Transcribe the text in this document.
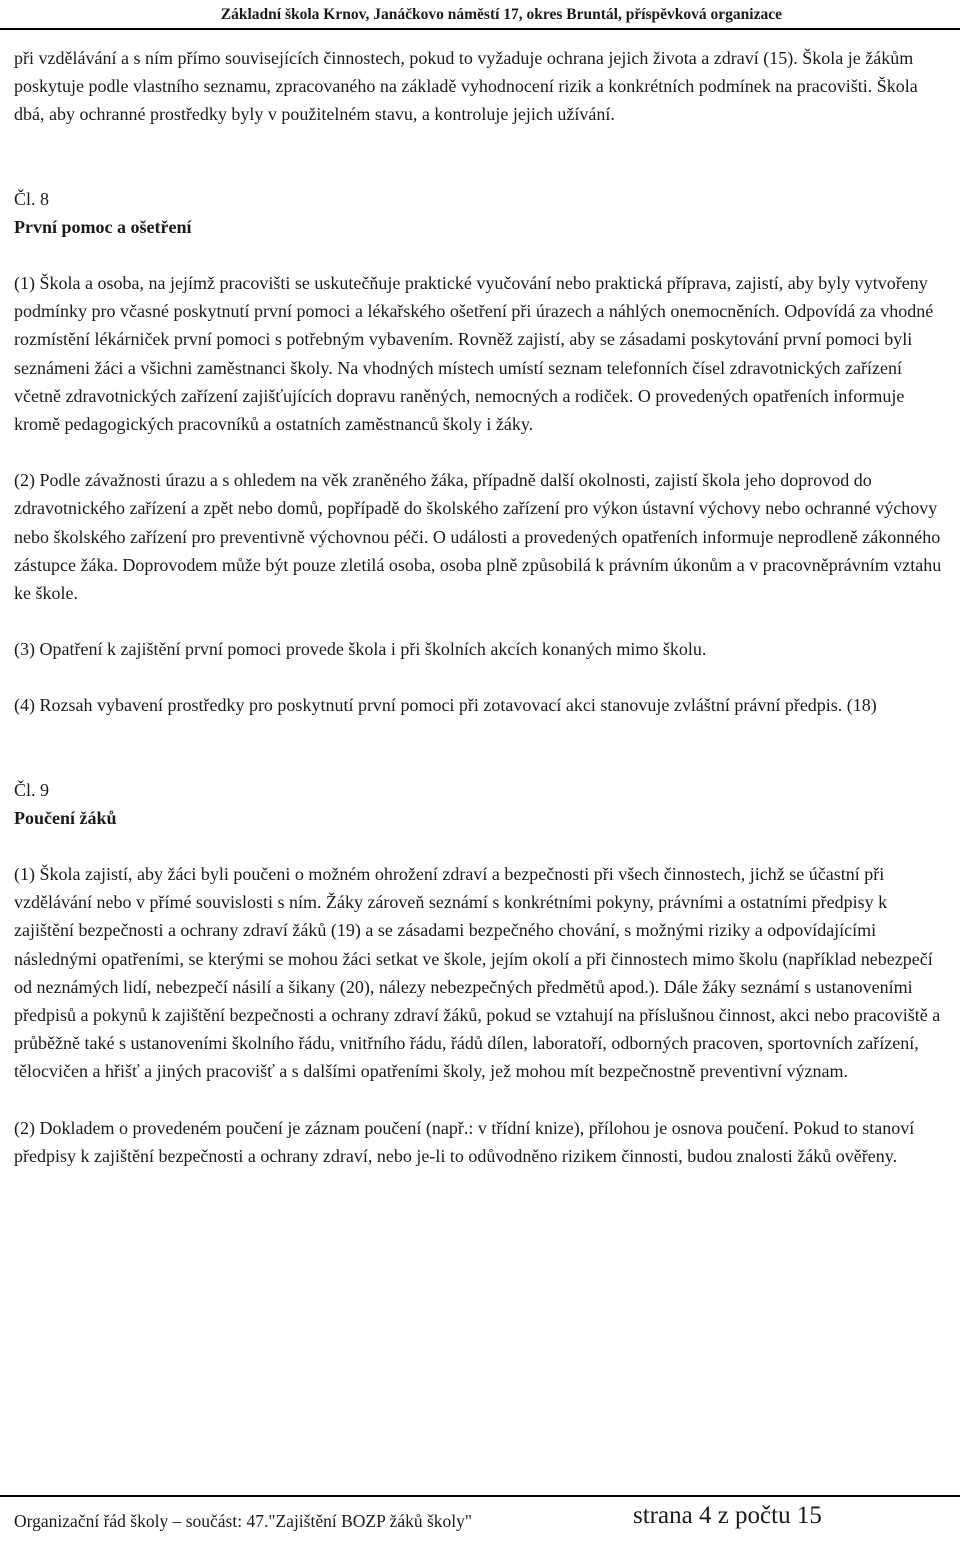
Základní škola Krnov, Janáčkovo náměstí 17, okres Bruntál, příspěvková organizace

při vzdělávání a s ním přímo souvisejících činnostech, pokud to vyžaduje ochrana jejich života a zdraví (15). Škola je žákům poskytuje podle vlastního seznamu, zpracovaného na základě vyhodnocení rizik a konkrétních podmínek na pracovišti. Škola dbá, aby ochranné prostředky byly v použitelném stavu, a kontroluje jejich užívání.

Čl. 8

První pomoc a ošetření

(1) Škola a osoba, na jejímž pracovišti se uskutečňuje praktické vyučování nebo praktická příprava, zajistí, aby byly vytvořeny podmínky pro včasné poskytnutí první pomoci a lékařského ošetření při úrazech a náhlých onemocněních. Odpovídá za vhodné rozmístění lékárniček první pomoci s potřebným vybavením. Rovněž zajistí, aby se zásadami poskytování první pomoci byli seznámeni žáci a všichni zaměstnanci školy. Na vhodných místech umístí seznam telefonních čísel zdravotnických zařízení včetně zdravotnických zařízení zajišťujících dopravu raněných, nemocných a rodiček. O provedených opatřeních informuje kromě pedagogických pracovníků a ostatních zaměstnanců školy i žáky.

(2) Podle závažnosti úrazu a s ohledem na věk zraněného žáka, případně další okolnosti, zajistí škola jeho doprovod do zdravotnického zařízení a zpět nebo domů, popřípadě do školského zařízení pro výkon ústavní výchovy nebo ochranné výchovy nebo školského zařízení pro preventivně výchovnou péči. O události a provedených opatřeních informuje neprodleně zákonného zástupce žáka. Doprovodem může být pouze zletilá osoba, osoba plně způsobilá k právním úkonům a v pracovněprávním vztahu ke škole.

(3) Opatření k zajištění první pomoci provede škola i při školních akcích konaných mimo školu.

(4) Rozsah vybavení prostředky pro poskytnutí první pomoci při zotavovací akci stanovuje zvláštní právní předpis. (18)

Čl. 9

Poučení žáků

(1) Škola zajistí, aby žáci byli poučeni o možném ohrožení zdraví a bezpečnosti při všech činnostech, jichž se účastní při vzdělávání nebo v přímé souvislosti s ním. Žáky zároveň seznámí s konkrétními pokyny, právními a ostatními předpisy k zajištění bezpečnosti a ochrany zdraví žáků (19) a se zásadami bezpečného chování, s možnými riziky a odpovídajícími následnými opatřeními, se kterými se mohou žáci setkat ve škole, jejím okolí a při činnostech mimo školu (například nebezpečí od neznámých lidí, nebezpečí násilí a šikany (20), nálezy nebezpečných předmětů apod.). Dále žáky seznámí s ustanoveními předpisů a pokynů k zajištění bezpečnosti a ochrany zdraví žáků, pokud se vztahují na příslušnou činnost, akci nebo pracoviště a průběžně také s ustanoveními školního řádu, vnitřního řádu, řádů dílen, laboratoří, odborných pracoven, sportovních zařízení, tělocvičen a hřišť a jiných pracovišť a s dalšími opatřeními školy, jež mohou mít bezpečnostně preventivní význam.

(2) Dokladem o provedeném poučení je záznam poučení (např.: v třídní knize), přílohou je osnova poučení. Pokud to stanoví předpisy k zajištění bezpečnosti a ochrany zdraví, nebo je-li to odůvodněno rizikem činnosti, budou znalosti žáků ověřeny.

Organizační řád školy – součást: 47."Zajištění BOZP žáků školy"	strana 4 z počtu 15
